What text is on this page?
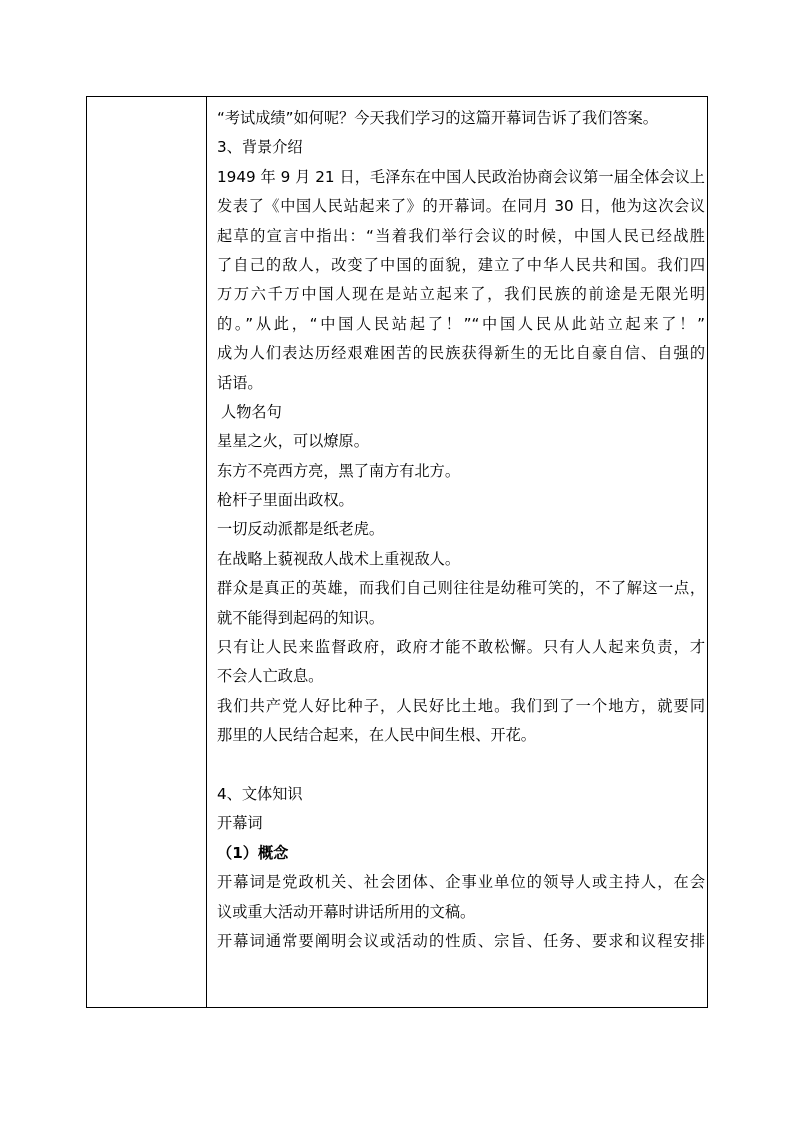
“考试成绩”如何呢？今天我们学习的这篇开幕词告诉了我们答案。
3、背景介绍
1949 年 9 月 21 日，毛泽东在中国人民政治协商会议第一届全体会议上
发表了《中国人民站起来了》的开幕词。在同月 30 日，他为这次会议
起草的宣言中指出：“当着我们举行会议的时候，中国人民已经战胜
了自己的敌人，改变了中国的面貌，建立了中华人民共和国。我们四
万万六千万中国人现在是站立起来了，我们民族的前途是无限光明
的。”从此，“中国人民站起了！”“中国人民从此站立起来了！”
成为人们表达历经艰难困苦的民族获得新生的无比自豪自信、自强的
话语。
人物名句
星星之火，可以燎原。
东方不亮西方亮，黑了南方有北方。
枪杆子里面出政权。
一切反动派都是纸老虎。
在战略上藐视敌人战术上重视敌人。
群众是真正的英雄，而我们自己则往往是幼稚可笑的，不了解这一点，
就不能得到起码的知识。
只有让人民来监督政府，政府才能不敢松懈。只有人人起来负责，才
不会人亡政息。
我们共产党人好比种子，人民好比土地。我们到了一个地方，就要同
那里的人民结合起来，在人民中间生根、开花。
4、文体知识
开幕词
（1）概念
开幕词是党政机关、社会团体、企事业单位的领导人或主持人，在会
议或重大活动开幕时讲话所用的文稿。
开幕词通常要阐明会议或活动的性质、宗旨、任务、要求和议程安排
